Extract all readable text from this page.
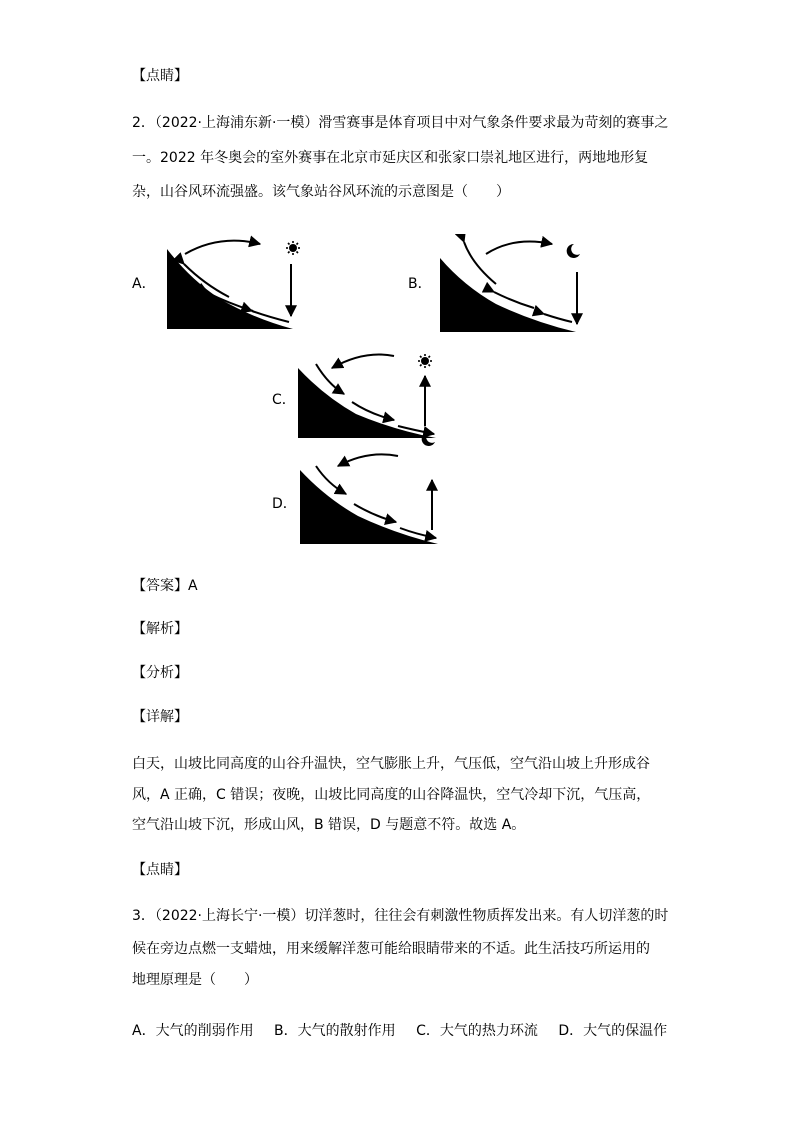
【点睛】
2．（2022·上海浦东新·一模）滑雪赛事是体育项目中对气象条件要求最为苛刻的赛事之
一。2022 年冬奥会的室外赛事在北京市延庆区和张家口崇礼地区进行，两地地形复
杂，山谷风环流强盛。该气象站谷风环流的示意图是（　　）
A．	B．
C．
D．
【答案】A
【解析】
【分析】
【详解】
白天，山坡比同高度的山谷升温快，空气膨胀上升，气压低，空气沿山坡上升形成谷
风，A 正确，C 错误；夜晚，山坡比同高度的山谷降温快，空气冷却下沉，气压高，
空气沿山坡下沉，形成山风，B 错误，D 与题意不符。故选 A。
【点睛】
3．（2022·上海长宁·一模）切洋葱时，往往会有刺激性物质挥发出来。有人切洋葱的时
候在旁边点燃一支蜡烛，用来缓解洋葱可能给眼睛带来的不适。此生活技巧所运用的
地理原理是（　　）
A．大气的削弱作用 B．大气的散射作用 C．大气的热力环流 D．大气的保温作
